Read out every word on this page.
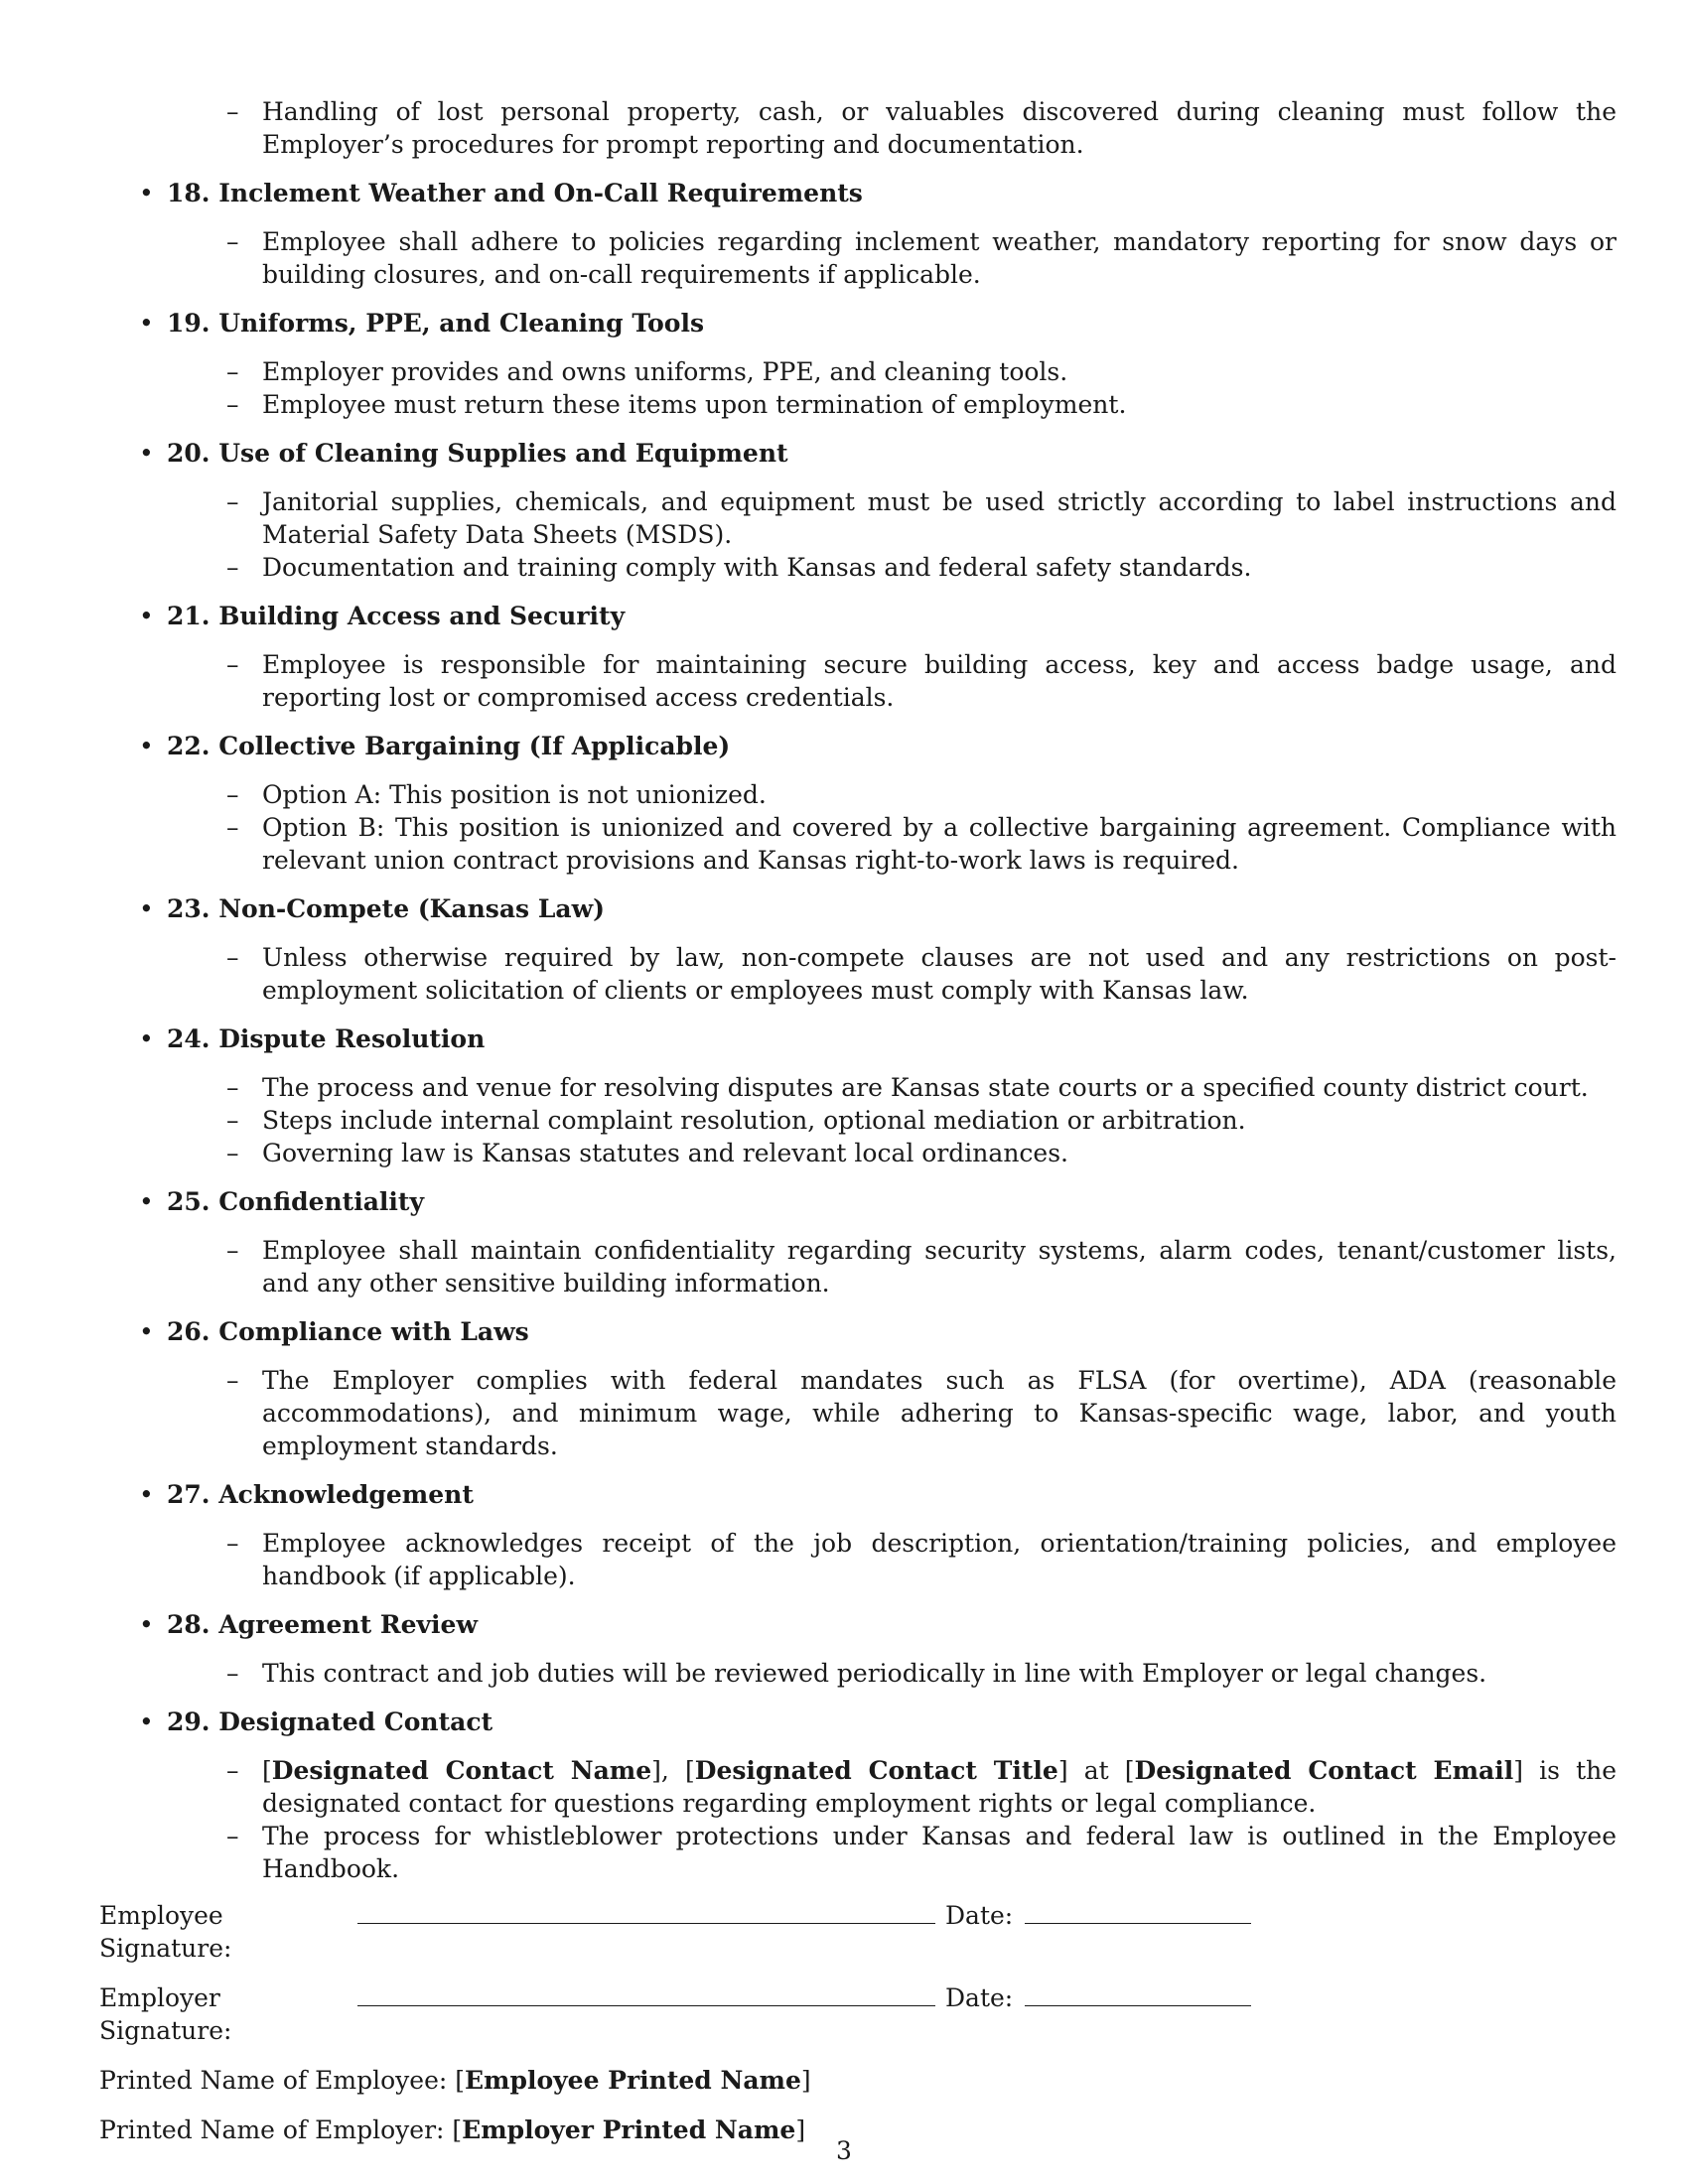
– Handling of lost personal property, cash, or valuables discovered during cleaning must follow the Employer’s procedures for prompt reporting and documentation.
• 18. Inclement Weather and On-Call Requirements
– Employee shall adhere to policies regarding inclement weather, mandatory reporting for snow days or building closures, and on-call requirements if applicable.
• 19. Uniforms, PPE, and Cleaning Tools
– Employer provides and owns uniforms, PPE, and cleaning tools.
– Employee must return these items upon termination of employment.
• 20. Use of Cleaning Supplies and Equipment
– Janitorial supplies, chemicals, and equipment must be used strictly according to label instructions and Material Safety Data Sheets (MSDS).
– Documentation and training comply with Kansas and federal safety standards.
• 21. Building Access and Security
– Employee is responsible for maintaining secure building access, key and access badge usage, and reporting lost or compromised access credentials.
• 22. Collective Bargaining (If Applicable)
– Option A: This position is not unionized.
– Option B: This position is unionized and covered by a collective bargaining agreement. Compliance with relevant union contract provisions and Kansas right-to-work laws is required.
• 23. Non-Compete (Kansas Law)
– Unless otherwise required by law, non-compete clauses are not used and any restrictions on post-employment solicitation of clients or employees must comply with Kansas law.
• 24. Dispute Resolution
– The process and venue for resolving disputes are Kansas state courts or a specified county district court.
– Steps include internal complaint resolution, optional mediation or arbitration.
– Governing law is Kansas statutes and relevant local ordinances.
• 25. Confidentiality
– Employee shall maintain confidentiality regarding security systems, alarm codes, tenant/customer lists, and any other sensitive building information.
• 26. Compliance with Laws
– The Employer complies with federal mandates such as FLSA (for overtime), ADA (reasonable accommodations), and minimum wage, while adhering to Kansas-specific wage, labor, and youth employment standards.
• 27. Acknowledgement
– Employee acknowledges receipt of the job description, orientation/training policies, and employee handbook (if applicable).
• 28. Agreement Review
– This contract and job duties will be reviewed periodically in line with Employer or legal changes.
• 29. Designated Contact
– [Designated Contact Name], [Designated Contact Title] at [Designated Contact Email] is the designated contact for questions regarding employment rights or legal compliance.
– The process for whistleblower protections under Kansas and federal law is outlined in the Employee Handbook.
Employee Signature:
Date:
Employer Signature:
Date:
Printed Name of Employee: [ Employee Printed Name ]
Printed Name of Employer: [ Employer Printed Name ]
3
